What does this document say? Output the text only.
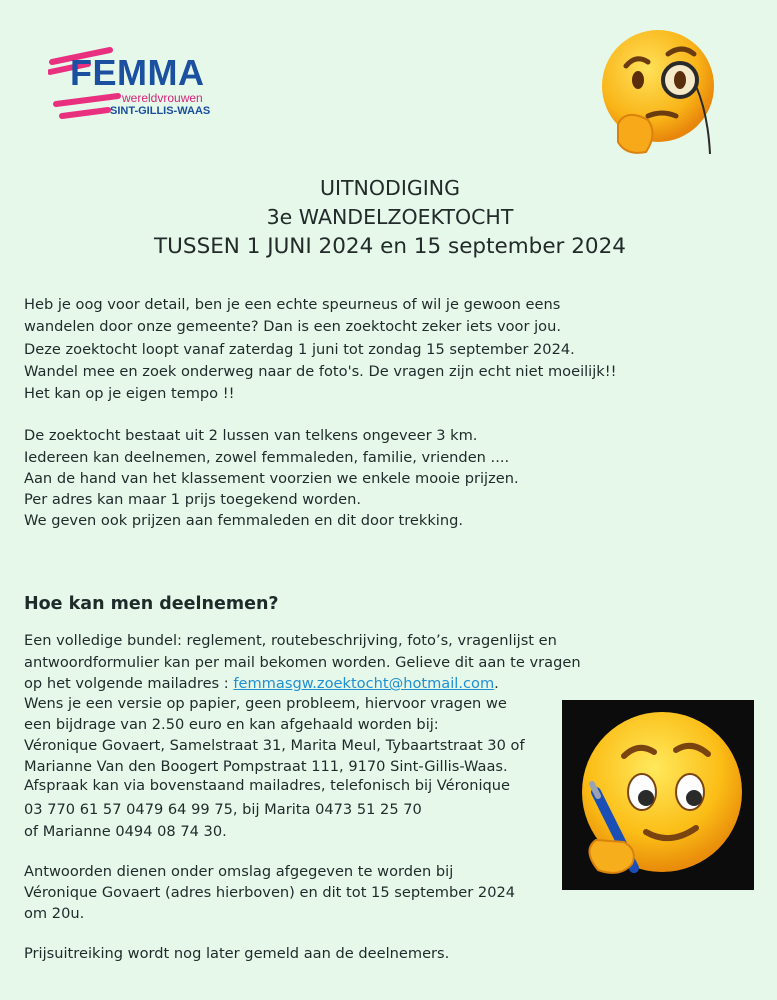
FEMMA
wereldvrouwen
SINT-GILLIS-WAAS
UITNODIGING
3e WANDELZOEKTOCHT
TUSSEN 1 JUNI 2024 en 15 september 2024
Heb je oog voor detail, ben je een echte speurneus of wil je gewoon eens
wandelen door onze gemeente? Dan is een zoektocht zeker iets voor jou.
Deze zoektocht loopt vanaf zaterdag 1 juni tot zondag 15 september 2024.
Wandel mee en zoek onderweg naar de foto's. De vragen zijn echt niet moeilijk!!
Het kan op je eigen tempo !!
De zoektocht bestaat uit 2 lussen van telkens ongeveer 3 km.
Iedereen kan deelnemen, zowel femmaleden, familie, vrienden ....
Aan de hand van het klassement voorzien we enkele mooie prijzen.
Per adres kan maar 1 prijs toegekend worden.
We geven ook prijzen aan femmaleden en dit door trekking.
Hoe kan men deelnemen?
Een volledige bundel: reglement, routebeschrijving, foto’s, vragenlijst en
antwoordformulier kan per mail bekomen worden. Gelieve dit aan te vragen
op het volgende mailadres : femmasgw.zoektocht@hotmail.com.
Wens je een versie op papier, geen probleem, hiervoor vragen we
een bijdrage van 2.50 euro en kan afgehaald worden bij:
Véronique Govaert, Samelstraat 31, Marita Meul, Tybaartstraat 30 of
Marianne Van den Boogert Pompstraat 111, 9170 Sint-Gillis-Waas.
Afspraak kan via bovenstaand mailadres, telefonisch bij Véronique
03 770 61 57 0479 64 99 75, bij Marita 0473 51 25 70
of Marianne 0494 08 74 30.
Antwoorden dienen onder omslag afgegeven te worden bij
Véronique Govaert (adres hierboven) en dit tot 15 september 2024
om 20u.
Prijsuitreiking wordt nog later gemeld aan de deelnemers.
